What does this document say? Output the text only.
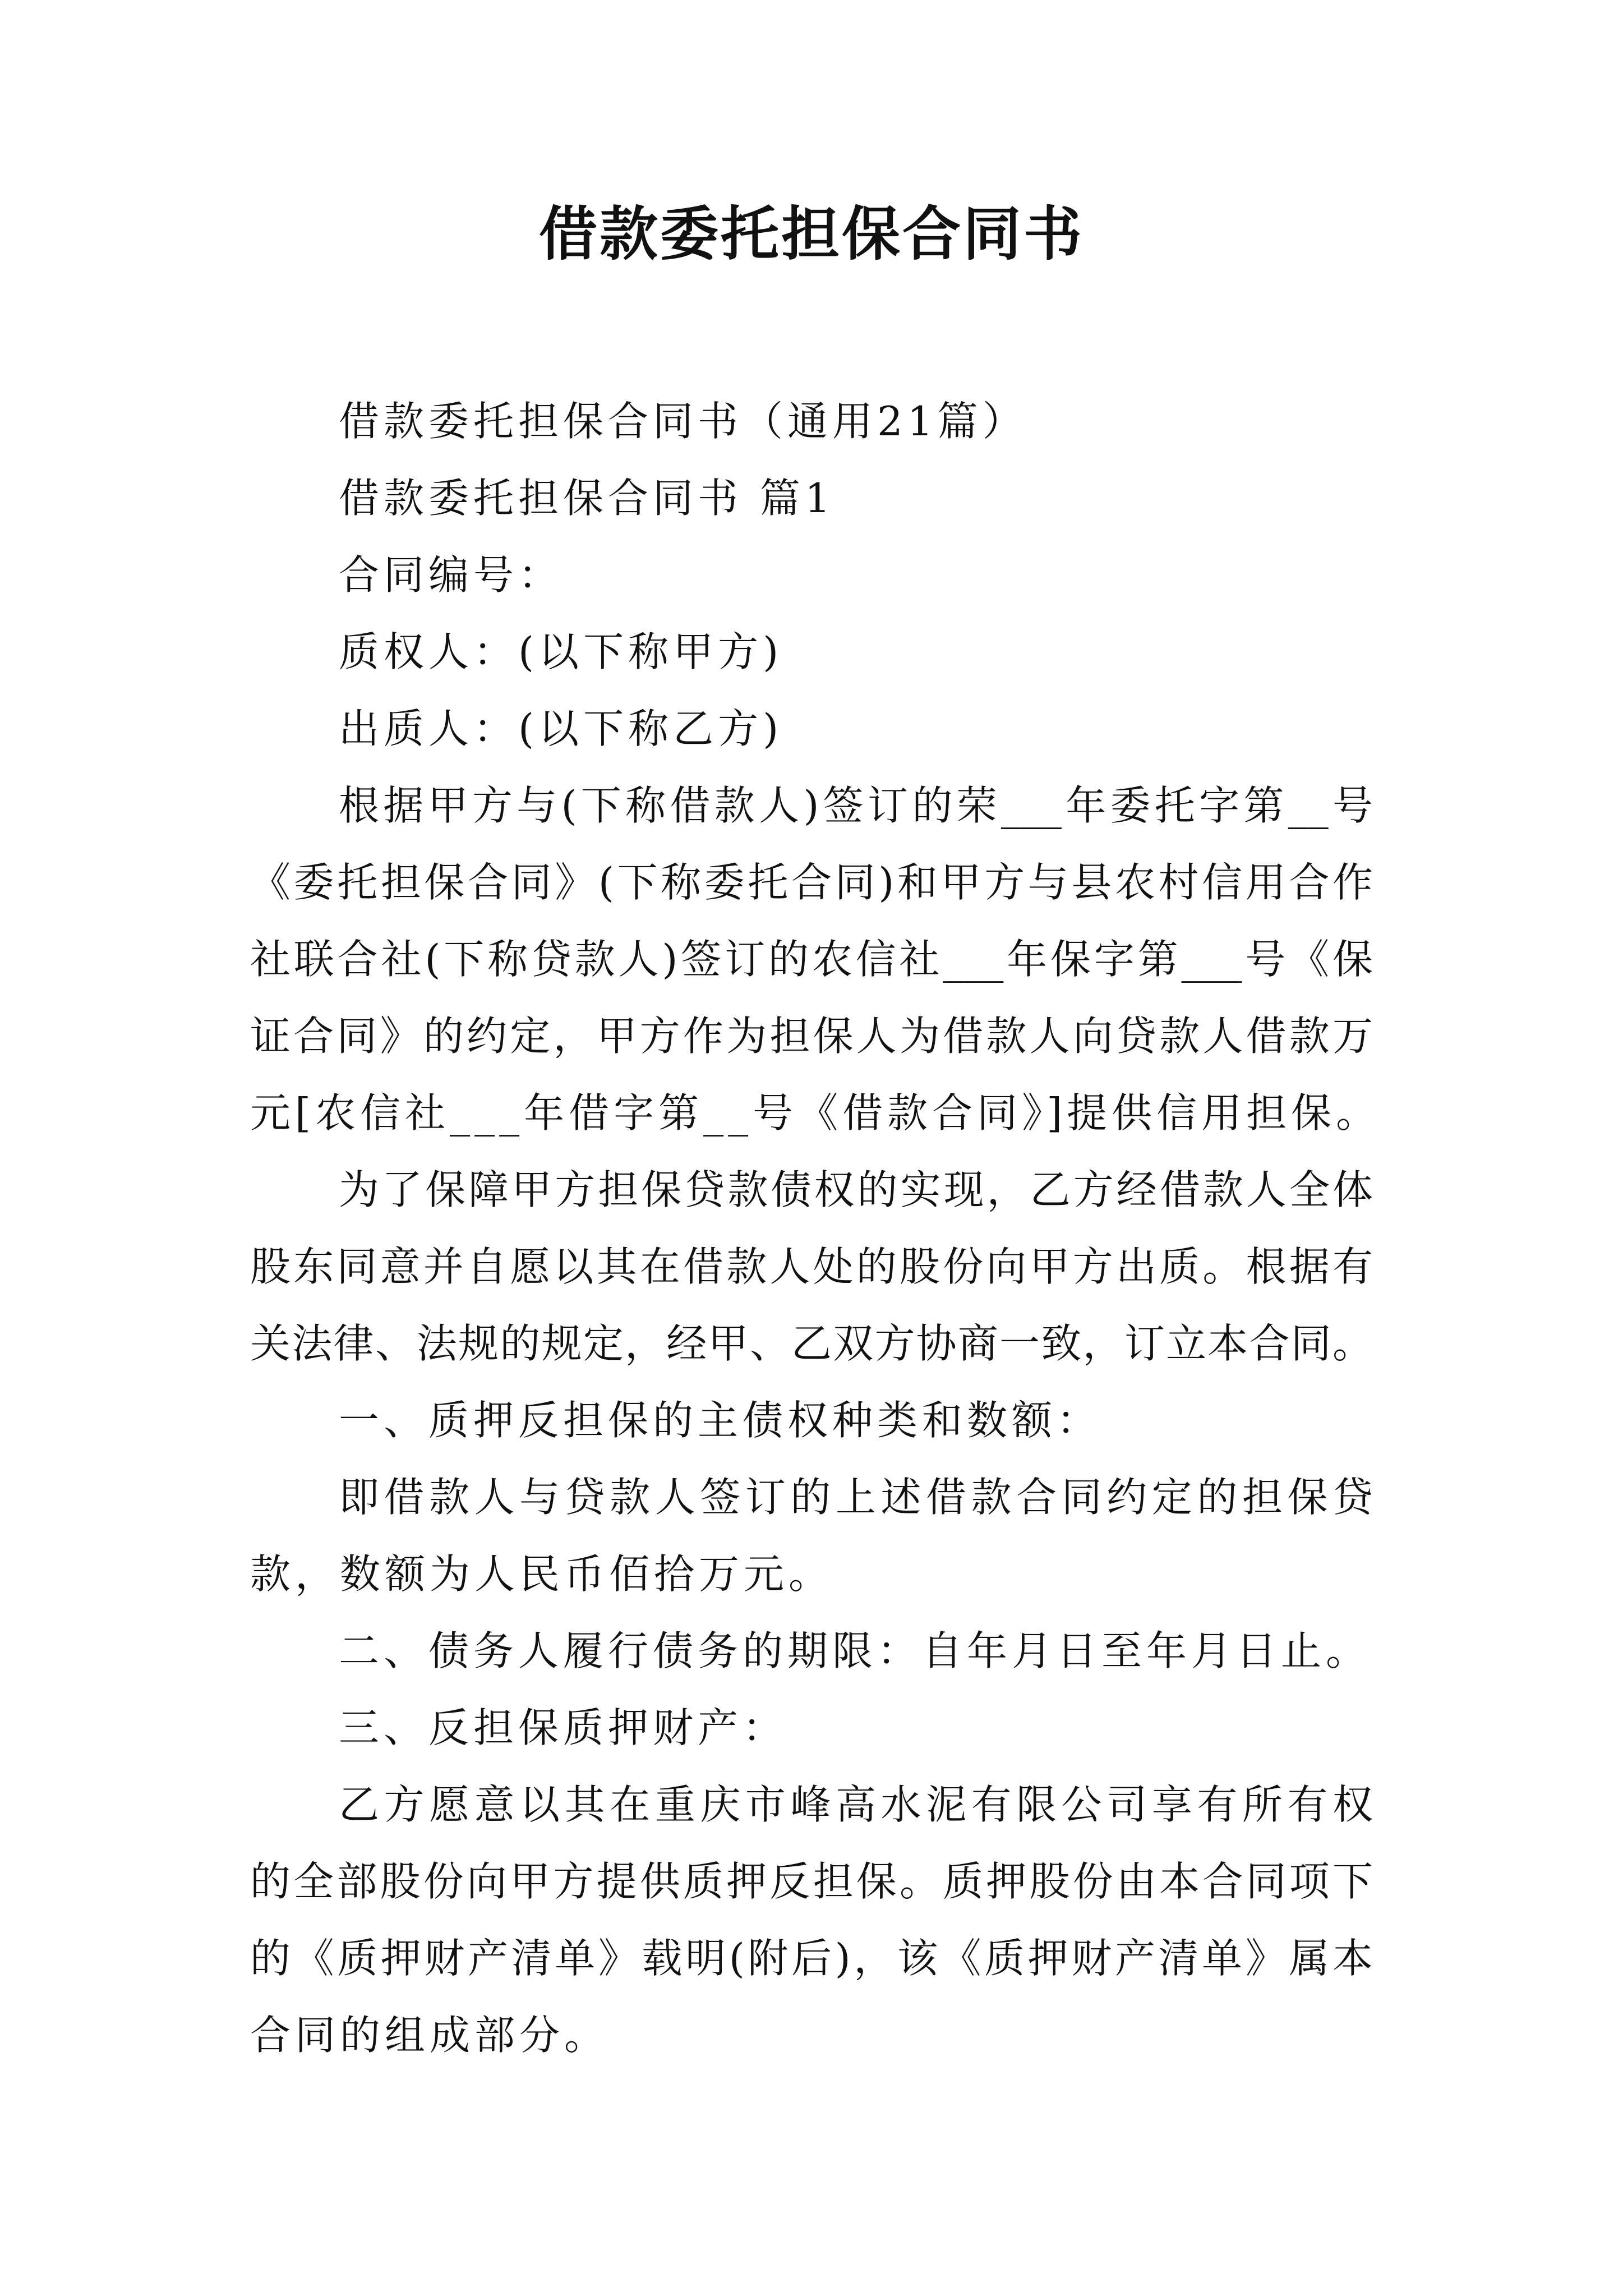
借款委托担保合同书
借款委托担保合同书（通用21篇）
借款委托担保合同书 篇1
合同编号：
质权人：(以下称甲方)
出质人：(以下称乙方)
根据甲方与(下称借款人)签订的荣___年委托字第__号
《委托担保合同》(下称委托合同)和甲方与县农村信用合作
社联合社(下称贷款人)签订的农信社___年保字第___号《保
证合同》的约定，甲方作为担保人为借款人向贷款人借款万
元[农信社___年借字第__号《借款合同》]提供信用担保。
为了保障甲方担保贷款债权的实现，乙方经借款人全体
股东同意并自愿以其在借款人处的股份向甲方出质。根据有
关法律、法规的规定，经甲、乙双方协商一致，订立本合同。
一、质押反担保的主债权种类和数额：
即借款人与贷款人签订的上述借款合同约定的担保贷
款，数额为人民币佰拾万元。
二、债务人履行债务的期限：自年月日至年月日止。
三、反担保质押财产：
乙方愿意以其在重庆市峰高水泥有限公司享有所有权
的全部股份向甲方提供质押反担保。质押股份由本合同项下
的《质押财产清单》载明(附后)，该《质押财产清单》属本
合同的组成部分。
